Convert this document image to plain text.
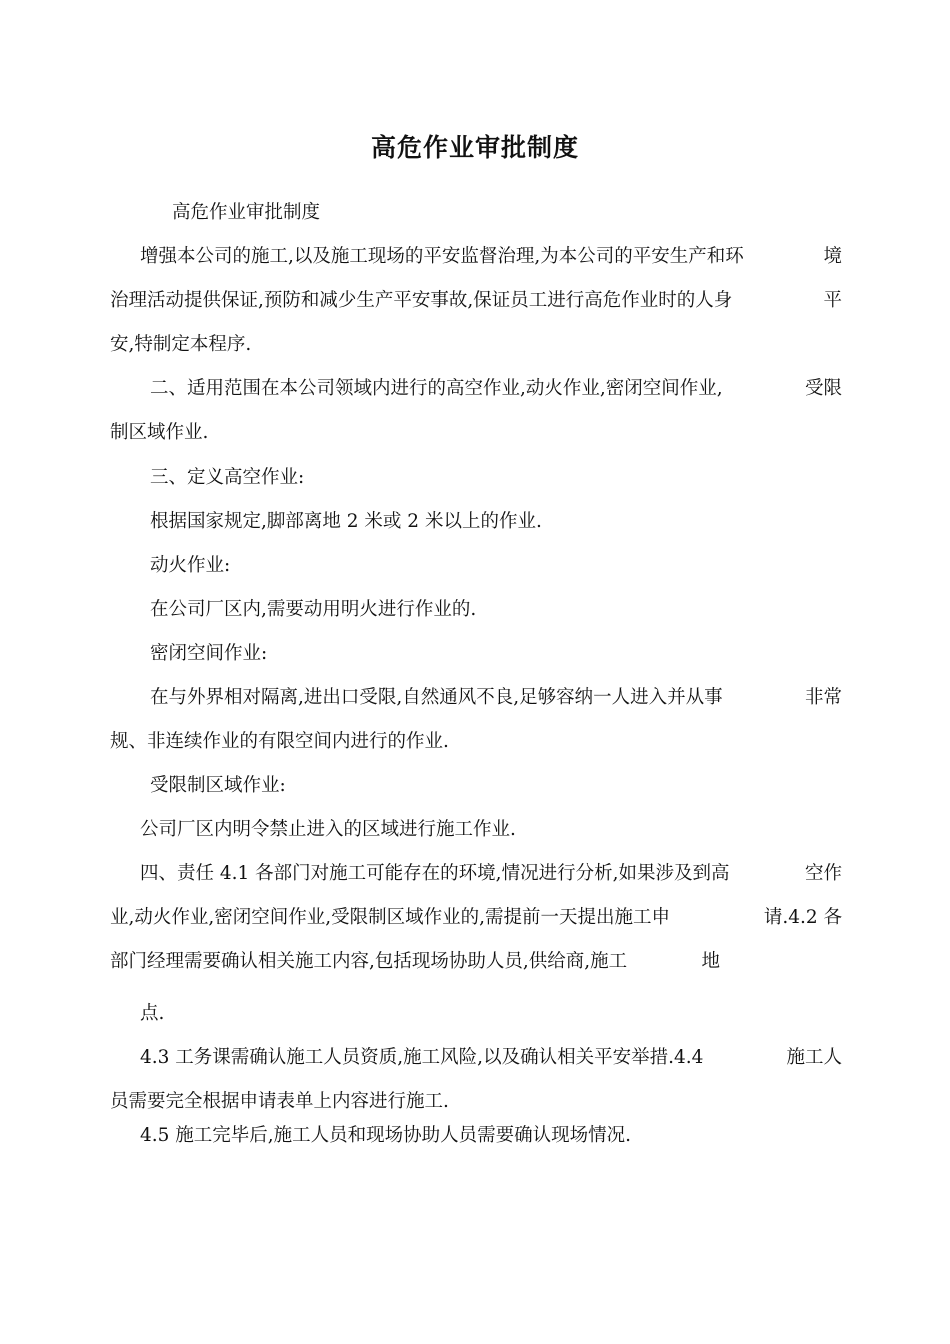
高危作业审批制度

高危作业审批制度

增强本公司的施工,以及施工现场的平安监督治理,为本公司的平安生产和环	境
治理活动提供保证,预防和减少生产平安事故,保证员工进行高危作业时的人身	平

安,特制定本程序.

二、适用范围在本公司领域内进行的高空作业,动火作业,密闭空间作业,	受限

制区域作业.

三、定义高空作业:

根据国家规定,脚部离地 2 米或 2 米以上的作业.

动火作业:

在公司厂区内,需要动用明火进行作业的.

密闭空间作业:

在与外界相对隔离,进出口受限,自然通风不良,足够容纳一人进入并从事	非常

规、非连续作业的有限空间内进行的作业.

受限制区域作业:

公司厂区内明令禁止进入的区域进行施工作业.

四、责任 4.1 各部门对施工可能存在的环境,情况进行分析,如果涉及到高	空作
业,动火作业,密闭空间作业,受限制区域作业的,需提前一天提出施工申	请.4.2 各
部门经理需要确认相关施工内容,包括现场协助人员,供给商,施工	地

点.

4.3 工务课需确认施工人员资质,施工风险,以及确认相关平安举措.4.4	施工人

员需要完全根据申请表单上内容进行施工.

4.5 施工完毕后,施工人员和现场协助人员需要确认现场情况.
